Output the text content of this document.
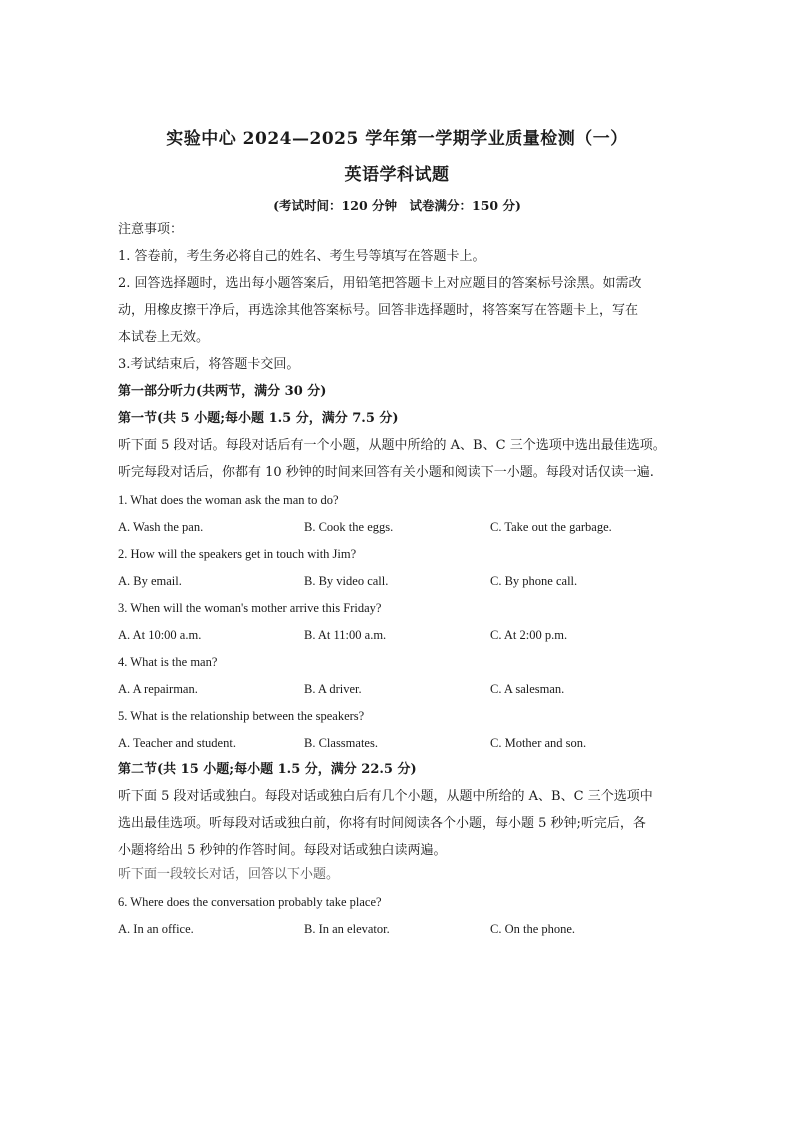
实验中心 2024—2025 学年第一学期学业质量检测（一）
英语学科试题
(考试时间：120 分钟　试卷满分：150 分)
注意事项：
1. 答卷前，考生务必将自己的姓名、考生号等填写在答题卡上。
2. 回答选择题时，选出每小题答案后，用铅笔把答题卡上对应题目的答案标号涂黑。如需改
动，用橡皮擦干净后，再选涂其他答案标号。回答非选择题时，将答案写在答题卡上，写在
本试卷上无效。
3.考试结束后，将答题卡交回。
第一部分听力(共两节，满分 30 分)
第一节(共 5 小题;每小题 1.5 分，满分 7.5 分)
听下面 5 段对话。每段对话后有一个小题，从题中所给的 A、B、C 三个选项中选出最佳选项。
听完每段对话后，你都有 10 秒钟的时间来回答有关小题和阅读下一小题。每段对话仅读一遍.
1. What does the woman ask the man to do?
A. Wash the pan.	B. Cook the eggs.	C. Take out the garbage.
2. How will the speakers get in touch with Jim?
A. By email.	B. By video call.	C. By phone call.
3. When will the woman's mother arrive this Friday?
A. At 10:00 a.m.	B. At 11:00 a.m.	C. At 2:00 p.m.
4. What is the man?
A. A repairman.	B. A driver.	C. A salesman.
5. What is the relationship between the speakers?
A. Teacher and student.	B. Classmates.	C. Mother and son.
第二节(共 15 小题;每小题 1.5 分，满分 22.5 分)
听下面 5 段对话或独白。每段对话或独白后有几个小题，从题中所给的 A、B、C 三个选项中
选出最佳选项。听每段对话或独白前，你将有时间阅读各个小题，每小题 5 秒钟;听完后，各
小题将给出 5 秒钟的作答时间。每段对话或独白读两遍。
听下面一段较长对话，回答以下小题。
6. Where does the conversation probably take place?
A. In an office.	B. In an elevator.	C. On the phone.
